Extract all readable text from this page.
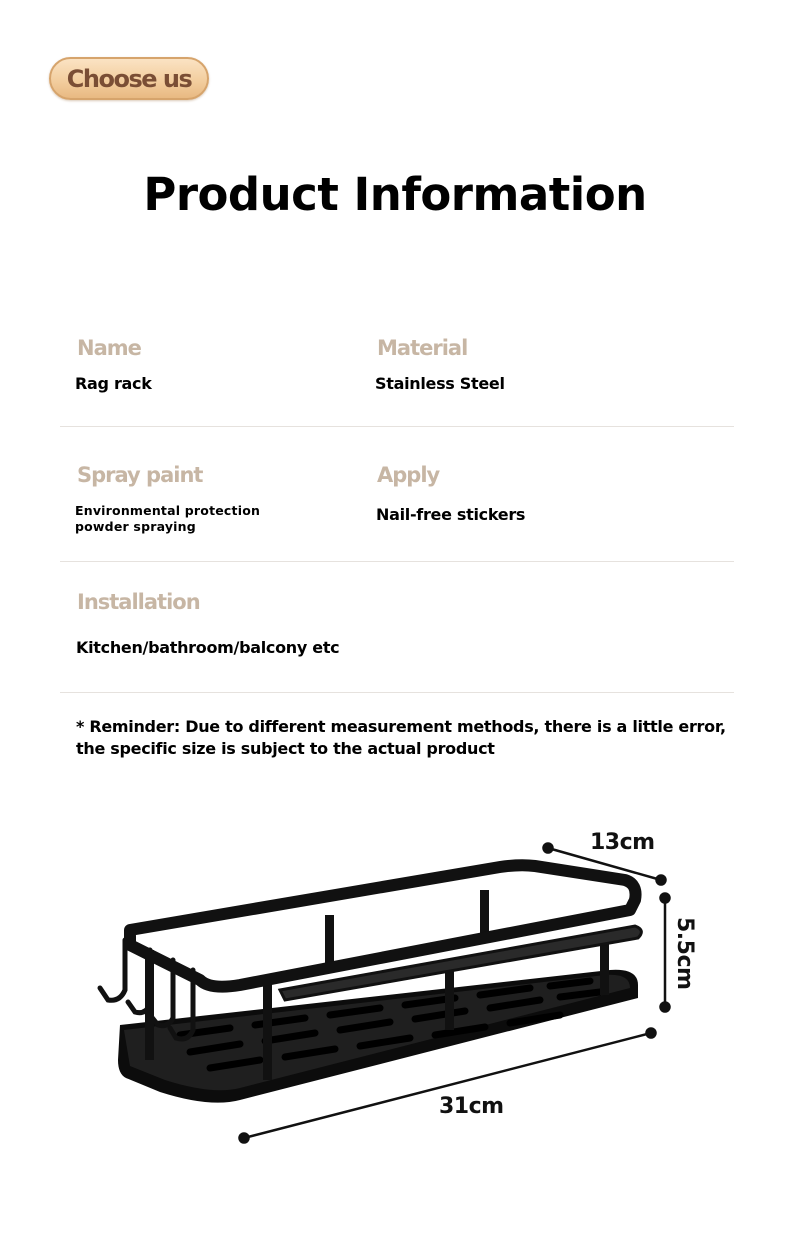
Choose us
Product Information
Name
Rag rack
Material
Stainless Steel
Spray paint
Environmental protection
powder spraying
Apply
Nail-free stickers
Installation
Kitchen/bathroom/balcony etc
* Reminder: Due to different measurement methods, there is a little error,
the specific size is subject to the actual product
13cm
5.5cm
31cm
